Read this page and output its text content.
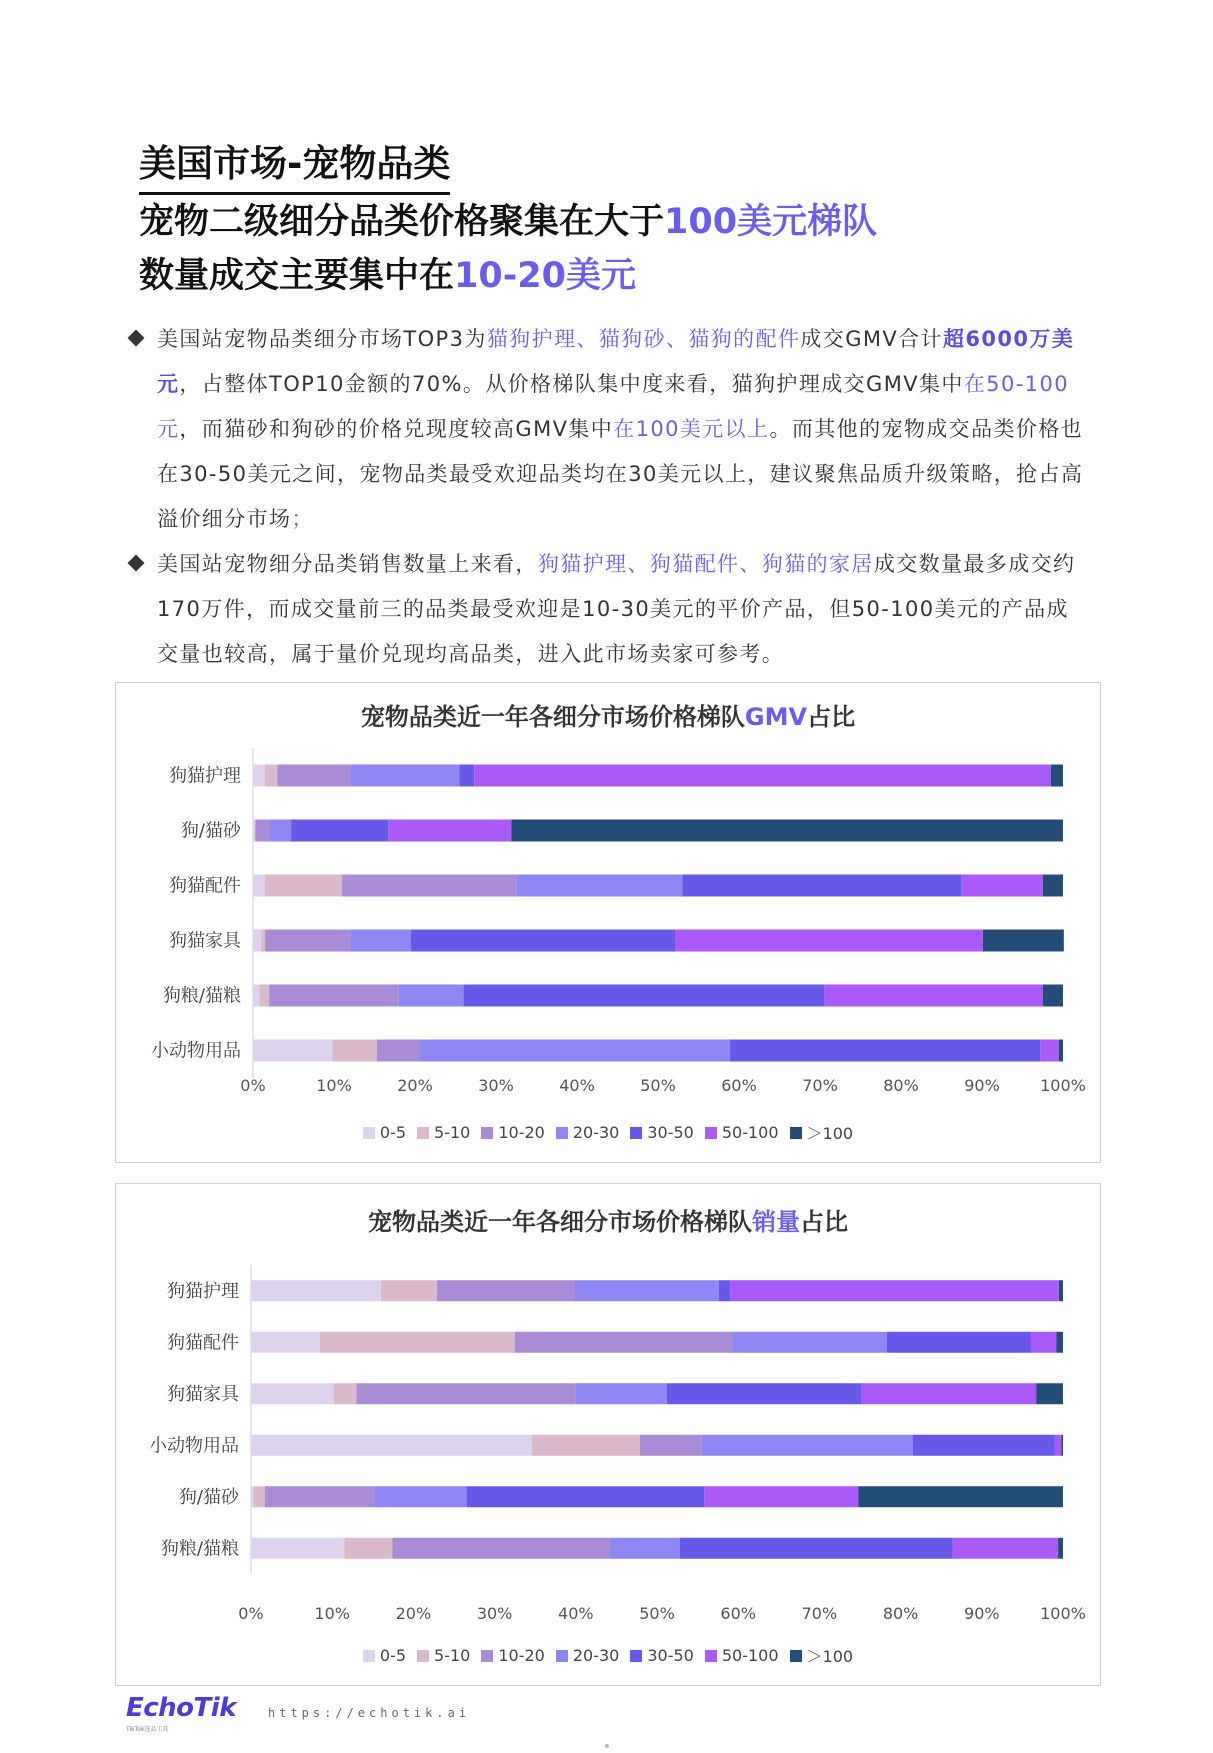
美国市场-宠物品类
宠物二级细分品类价格聚集在大于100美元梯队
数量成交主要集中在10-20美元
美国站宠物品类细分市场TOP3为猫狗护理、猫狗砂、猫狗的配件成交GMV合计超6000万美元，占整体TOP10金额的70%。从价格梯队集中度来看，猫狗护理成交GMV集中在50-100元，而猫砂和狗砂的价格兑现度较高GMV集中在100美元以上。而其他的宠物成交品类价格也在30-50美元之间，宠物品类最受欢迎品类均在30美元以上，建议聚焦品质升级策略，抢占高溢价细分市场；
美国站宠物细分品类销售数量上来看，狗猫护理、狗猫配件、狗猫的家居成交数量最多成交约170万件，而成交量前三的品类最受欢迎是10-30美元的平价产品，但50-100美元的产品成交量也较高，属于量价兑现均高品类，进入此市场卖家可参考。
宠物品类近一年各细分市场价格梯队GMV占比
狗猫护理
狗/猫砂
狗猫配件
狗猫家具
狗粮/猫粮
小动物用品
0%	10%	20%	30%	40%	50%	60%	70%	80%	90%	100%
0-5 5-10 10-20 20-30 30-50 50-100 ＞100
宠物品类近一年各细分市场价格梯队销量占比
狗猫护理
狗猫配件
狗猫家具
小动物用品
狗/猫砂
狗粮/猫粮
0%	10%	20%	30%	40%	50%	60%	70%	80%	90%	100%
0-5 5-10 10-20 20-30 30-50 50-100 ＞100
EchoTik
TikTok选品工具
https://echotik.ai
